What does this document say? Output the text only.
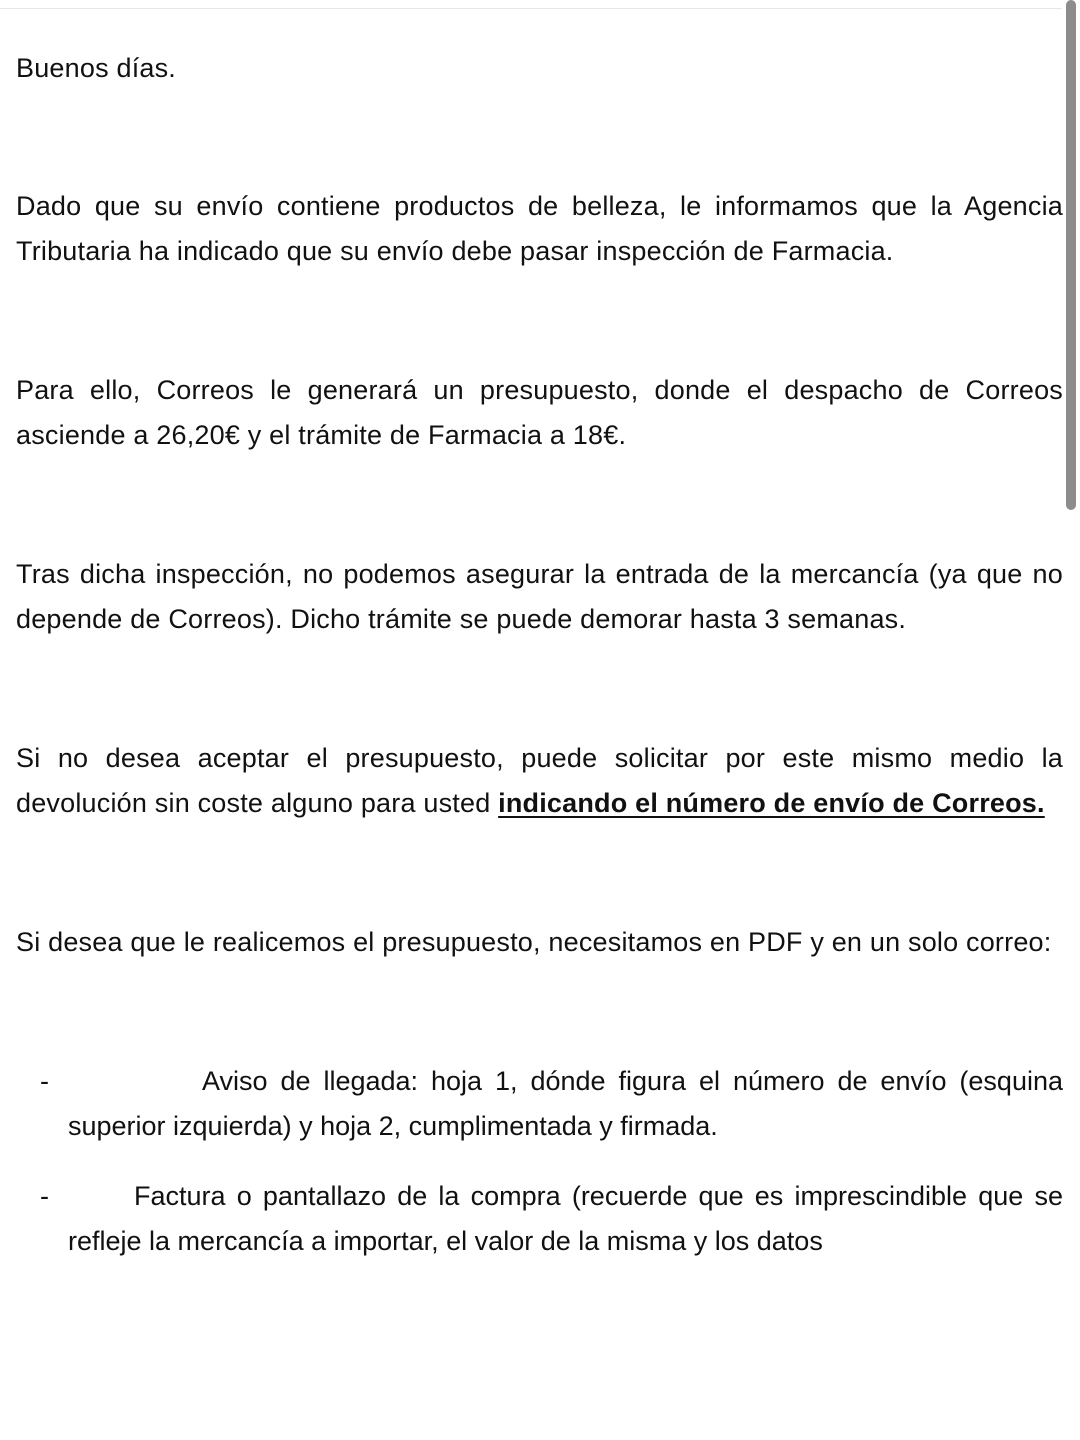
Buenos días.

Dado que su envío contiene productos de belleza, le informamos que la Agencia Tributaria ha indicado que su envío debe pasar inspección de Farmacia.

Para ello, Correos le generará un presupuesto, donde el despacho de Correos asciende a 26,20€ y el trámite de Farmacia a 18€.

Tras dicha inspección, no podemos asegurar la entrada de la mercancía (ya que no depende de Correos). Dicho trámite se puede demorar hasta 3 semanas.

Si no desea aceptar el presupuesto, puede solicitar por este mismo medio la devolución sin coste alguno para usted indicando el número de envío de Correos.

Si desea que le realicemos el presupuesto, necesitamos en PDF y en un solo correo:

-	Aviso de llegada: hoja 1, dónde figura el número de envío (esquina superior izquierda) y hoja 2, cumplimentada y firmada.

-	Factura o pantallazo de la compra (recuerde que es imprescindible que se refleje la mercancía a importar, el valor de la misma y los datos
